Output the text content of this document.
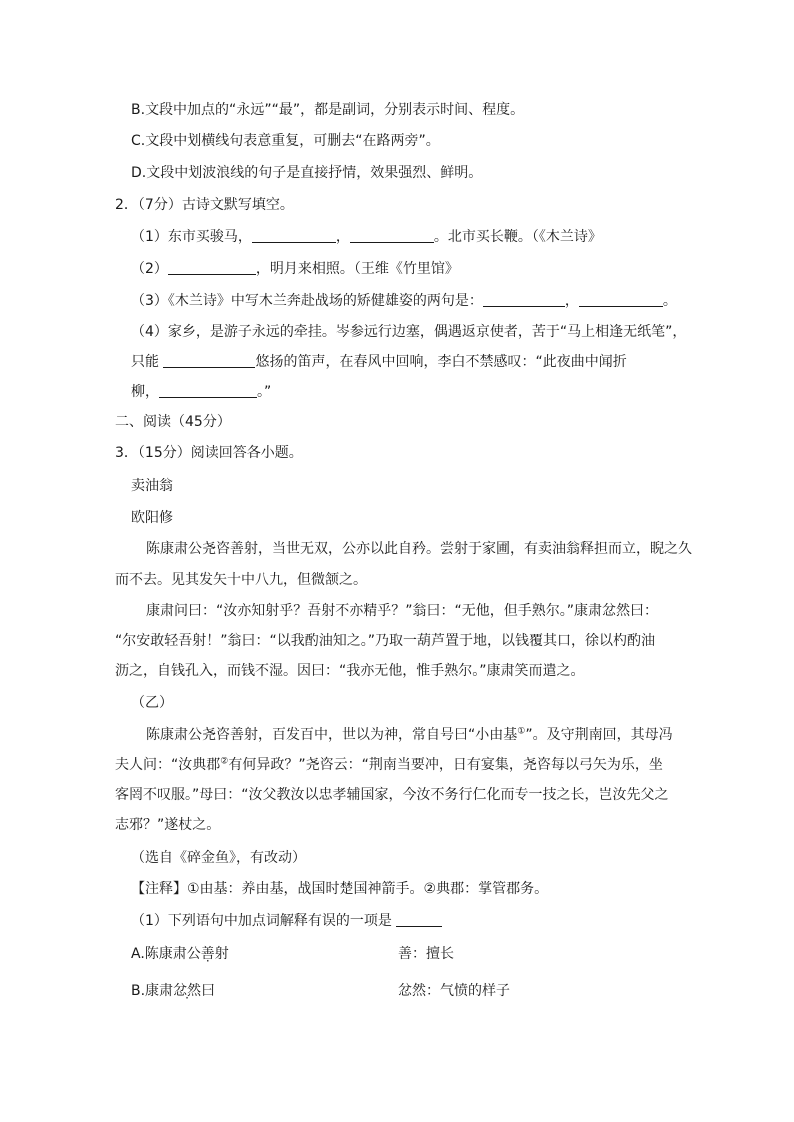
B.文段中加点的“永远”“最”，都是副词，分别表示时间、程度。
C.文段中划横线句表意重复，可删去“在路两旁”。
D.文段中划波浪线的句子是直接抒情，效果强烈、鲜明。
2．（7分）古诗文默写填空。
（1）东市买骏马，	，	。北市买长鞭。（《木兰诗》
（2）	，明月来相照。（王维《竹里馆》
（3）《木兰诗》中写木兰奔赴战场的矫健雄姿的两句是：	，	。
（4）家乡，是游子永远的牵挂。岑参远行边塞，偶遇返京使者，苦于“马上相逢无纸笔”，
只能	悠扬的笛声，在春风中回响，李白不禁感叹：“此夜曲中闻折
柳，	。”
二、阅读（45分）
3．（15分）阅读回答各小题。
卖油翁
欧阳修
陈康肃公尧咨善射，当世无双，公亦以此自矜。尝射于家圃，有卖油翁释担而立，睨之久
而不去。见其发矢十中八九，但微颔之。
康肃问曰：“汝亦知射乎？吾射不亦精乎？”翁曰：“无他，但手熟尔。”康肃忿然曰：
“尔安敢轻吾射！”翁曰：“以我酌油知之。”乃取一葫芦置于地，以钱覆其口，徐以杓酌油
沥之，自钱孔入，而钱不湿。因曰：“我亦无他，惟手熟尔。”康肃笑而遣之。
（乙）
陈康肃公尧咨善射，百发百中，世以为神，常自号曰“小由基①”。及守荆南回，其母冯
夫人问：“汝典郡②有何异政？”尧咨云：“荆南当要冲，日有宴集，尧咨每以弓矢为乐，坐
客罔不叹服。”母曰：“汝父教汝以忠孝辅国家，今汝不务行仁化而专一技之长，岂汝先父之
志邪？”遂杖之。
（选自《碎金鱼》，有改动）
【注释】①由基：养由基，战国时楚国神箭手。②典郡：掌管郡务。
（1）下列语句中加点词解释有误的一项是
A.陈康肃公善射	善：擅长
B.康肃忿然曰	忿然：气愤的样子
